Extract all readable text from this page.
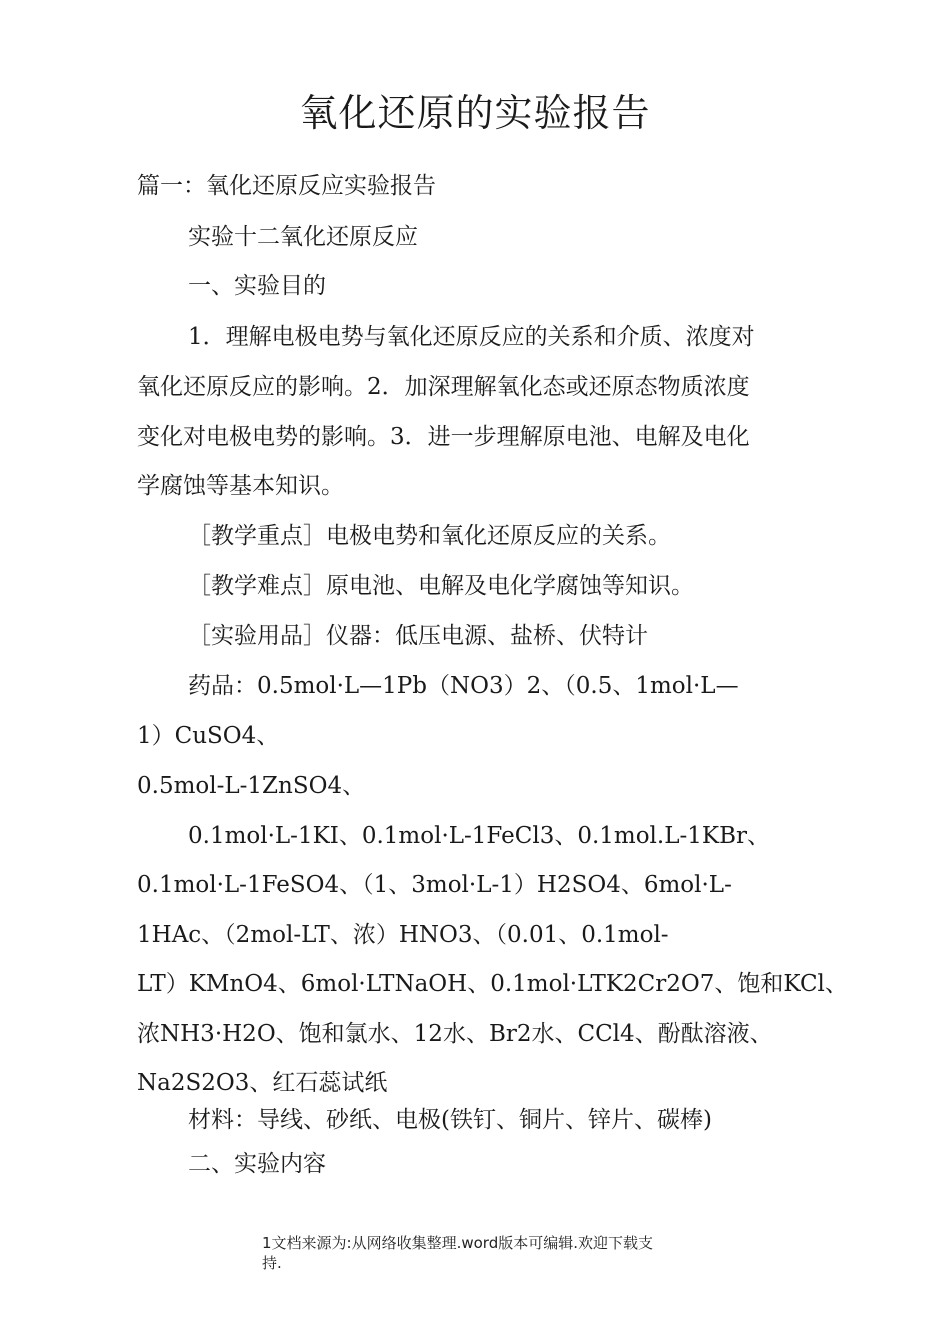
氧化还原的实验报告
篇一：氧化还原反应实验报告
实验十二氧化还原反应
一、实验目的
1．理解电极电势与氧化还原反应的关系和介质、浓度对
氧化还原反应的影响。2．加深理解氧化态或还原态物质浓度
变化对电极电势的影响。3．进一步理解原电池、电解及电化
学腐蚀等基本知识。
［教学重点］电极电势和氧化还原反应的关系。
［教学难点］原电池、电解及电化学腐蚀等知识。
［实验用品］仪器：低压电源、盐桥、伏特计
药品：0.5mol·L—1Pb（NO3）2、（0.5、1mol·L—
1）CuSO4、
0.5mol-L-1ZnSO4、
0.1mol·L-1KI、0.1mol·L-1FeCl3、0.1mol.L-1KBr、
0.1mol·L-1FeSO4、（1、3mol·L-1）H2SO4、6mol·L-
1HAc、（2mol-LT、浓）HNO3、（0.01、0.1mol-
LT）KMnO4、6mol·LTNaOH、0.1mol·LTK2Cr2O7、饱和KCl、
浓NH3·H2O、饱和氯水、12水、Br2水、CCl4、酚酞溶液、
Na2S2O3、红石蕊试纸
材料：导线、砂纸、电极(铁钉、铜片、锌片、碳棒)
二、实验内容
1文档来源为:从网络收集整理.word版本可编辑.欢迎下载支
持.
